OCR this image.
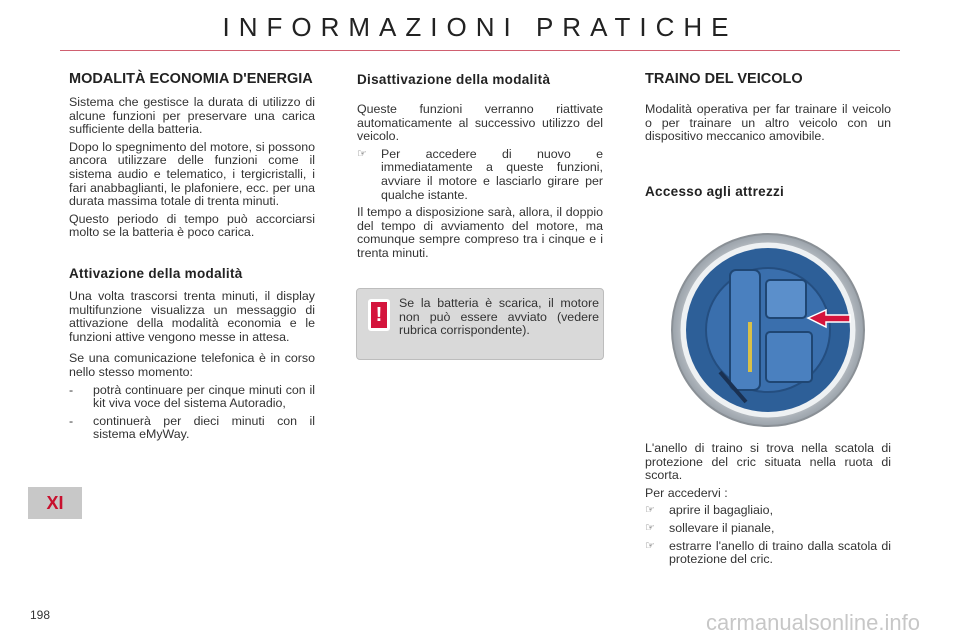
INFORMAZIONI PRATICHE
XI
198
MODALITÀ ECONOMIA D'ENERGIA

Sistema che gestisce la durata di utilizzo di alcune funzioni per preservare una carica sufficiente della batteria.

Dopo lo spegnimento del motore, si possono ancora utilizzare delle funzioni come il sistema audio e telematico, i tergicristalli, i fari anabbaglianti, le plafoniere, ecc. per una durata massima totale di trenta minuti.

Questo periodo di tempo può accorciarsi molto se la batteria è poco carica.

Attivazione della modalità

Una volta trascorsi trenta minuti, il display multifunzione visualizza un messaggio di attivazione della modalità economia e le funzioni attive vengono messe in attesa.

Se una comunicazione telefonica è in corso nello stesso momento:

- potrà continuare per cinque minuti con il kit viva voce del sistema Autoradio,
- continuerà per dieci minuti con il sistema eMyWay.
Disattivazione della modalità

Queste funzioni verranno riattivate automaticamente al successivo utilizzo del veicolo.

☞ Per accedere di nuovo e immediatamente a queste funzioni, avviare il motore e lasciarlo girare per qualche istante.

Il tempo a disposizione sarà, allora, il doppio del tempo di avviamento del motore, ma comunque sempre compreso tra i cinque e i trenta minuti.

!
Se la batteria è scarica, il motore non può essere avviato (vedere rubrica corrispondente).
TRAINO DEL VEICOLO

Modalità operativa per far trainare il veicolo o per trainare un altro veicolo con un dispositivo meccanico amovibile.

Accesso agli attrezzi

L'anello di traino si trova nella scatola di protezione del cric situata nella ruota di scorta.

Per accedervi :

☞ aprire il bagagliaio,
☞ sollevare il pianale,
☞ estrarre l'anello di traino dalla scatola di protezione del cric.
carmanualsonline.info
